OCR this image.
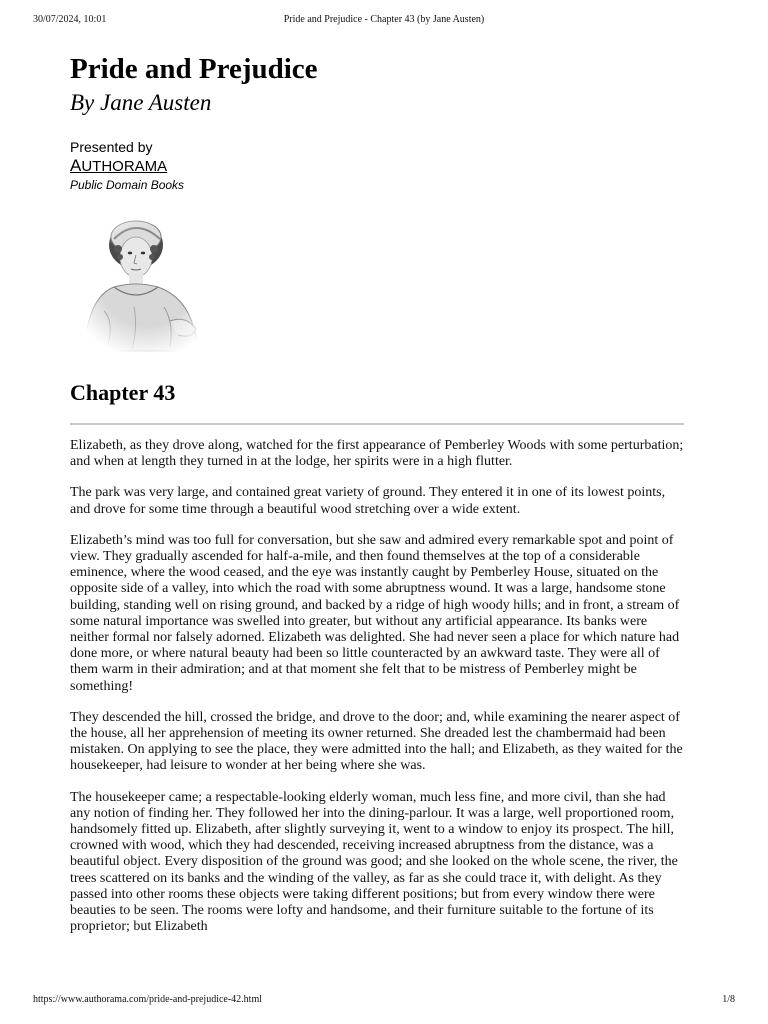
30/07/2024, 10:01	Pride and Prejudice - Chapter 43 (by Jane Austen)
Pride and Prejudice
By Jane Austen
Presented by
AUTHORAMA
Public Domain Books
Chapter 43

Elizabeth, as they drove along, watched for the first appearance of Pemberley Woods with some perturbation; and when at length they turned in at the lodge, her spirits were in a high flutter.

The park was very large, and contained great variety of ground. They entered it in one of its lowest points, and drove for some time through a beautiful wood stretching over a wide extent.

Elizabeth’s mind was too full for conversation, but she saw and admired every remarkable spot and point of view. They gradually ascended for half-a-mile, and then found themselves at the top of a considerable eminence, where the wood ceased, and the eye was instantly caught by Pemberley House, situated on the opposite side of a valley, into which the road with some abruptness wound. It was a large, handsome stone building, standing well on rising ground, and backed by a ridge of high woody hills; and in front, a stream of some natural importance was swelled into greater, but without any artificial appearance. Its banks were neither formal nor falsely adorned. Elizabeth was delighted. She had never seen a place for which nature had done more, or where natural beauty had been so little counteracted by an awkward taste. They were all of them warm in their admiration; and at that moment she felt that to be mistress of Pemberley might be something!

They descended the hill, crossed the bridge, and drove to the door; and, while examining the nearer aspect of the house, all her apprehension of meeting its owner returned. She dreaded lest the chambermaid had been mistaken. On applying to see the place, they were admitted into the hall; and Elizabeth, as they waited for the housekeeper, had leisure to wonder at her being where she was.

The housekeeper came; a respectable-looking elderly woman, much less fine, and more civil, than she had any notion of finding her. They followed her into the dining-parlour. It was a large, well proportioned room, handsomely fitted up. Elizabeth, after slightly surveying it, went to a window to enjoy its prospect. The hill, crowned with wood, which they had descended, receiving increased abruptness from the distance, was a beautiful object. Every disposition of the ground was good; and she looked on the whole scene, the river, the trees scattered on its banks and the winding of the valley, as far as she could trace it, with delight. As they passed into other rooms these objects were taking different positions; but from every window there were beauties to be seen. The rooms were lofty and handsome, and their furniture suitable to the fortune of its proprietor; but Elizabeth

https://www.authorama.com/pride-and-prejudice-42.html	1/8
